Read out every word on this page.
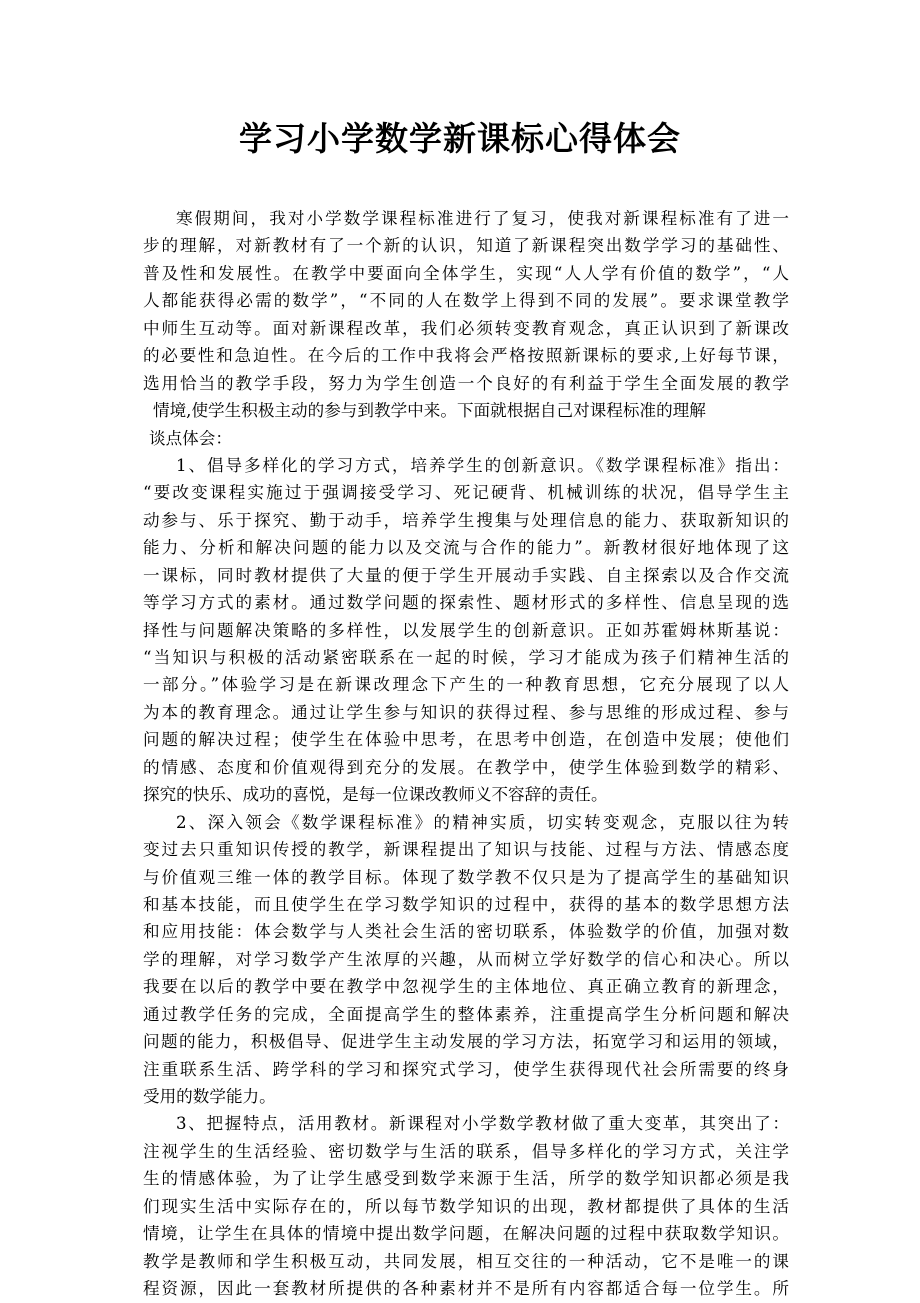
学习小学数学新课标心得体会
寒假期间，我对小学数学课程标准进行了复习，使我对新课程标准有了进一
步的理解，对新教材有了一个新的认识，知道了新课程突出数学学习的基础性、
普及性和发展性。在教学中要面向全体学生，实现“人人学有价值的数学”，“人
人都能获得必需的数学”，“不同的人在数学上得到不同的发展”。要求课堂教学
中师生互动等。面对新课程改革，我们必须转变教育观念，真正认识到了新课改
的必要性和急迫性。在今后的工作中我将会严格按照新课标的要求,上好每节课，
选用恰当的教学手段，努力为学生创造一个良好的有利益于学生全面发展的教学
情境,使学生积极主动的参与到教学中来。下面就根据自己对课程标准的理解
谈点体会：
1、倡导多样化的学习方式，培养学生的创新意识。《数学课程标准》指出：
“要改变课程实施过于强调接受学习、死记硬背、机械训练的状况，倡导学生主
动参与、乐于探究、勤于动手，培养学生搜集与处理信息的能力、获取新知识的
能力、分析和解决问题的能力以及交流与合作的能力”。新教材很好地体现了这
一课标，同时教材提供了大量的便于学生开展动手实践、自主探索以及合作交流
等学习方式的素材。通过数学问题的探索性、题材形式的多样性、信息呈现的选
择性与问题解决策略的多样性，以发展学生的创新意识。正如苏霍姆林斯基说：
“当知识与积极的活动紧密联系在一起的时候，学习才能成为孩子们精神生活的
一部分。”体验学习是在新课改理念下产生的一种教育思想，它充分展现了以人
为本的教育理念。通过让学生参与知识的获得过程、参与思维的形成过程、参与
问题的解决过程；使学生在体验中思考，在思考中创造，在创造中发展；使他们
的情感、态度和价值观得到充分的发展。在教学中，使学生体验到数学的精彩、
探究的快乐、成功的喜悦，是每一位课改教师义不容辞的责任。
2、深入领会《数学课程标准》的精神实质，切实转变观念，克服以往为转
变过去只重知识传授的教学，新课程提出了知识与技能、过程与方法、情感态度
与价值观三维一体的教学目标。体现了数学教不仅只是为了提高学生的基础知识
和基本技能，而且使学生在学习数学知识的过程中，获得的基本的数学思想方法
和应用技能：体会数学与人类社会生活的密切联系，体验数学的价值，加强对数
学的理解，对学习数学产生浓厚的兴趣，从而树立学好数学的信心和决心。所以
我要在以后的教学中要在教学中忽视学生的主体地位、真正确立教育的新理念，
通过教学任务的完成，全面提高学生的整体素养，注重提高学生分析问题和解决
问题的能力，积极倡导、促进学生主动发展的学习方法，拓宽学习和运用的领域，
注重联系生活、跨学科的学习和探究式学习，使学生获得现代社会所需要的终身
受用的数学能力。
3、把握特点，活用教材。新课程对小学数学教材做了重大变革，其突出了：
注视学生的生活经验、密切数学与生活的联系，倡导多样化的学习方式，关注学
生的情感体验，为了让学生感受到数学来源于生活，所学的数学知识都必须是我
们现实生活中实际存在的，所以每节数学知识的出现，教材都提供了具体的生活
情境，让学生在具体的情境中提出数学问题，在解决问题的过程中获取数学知识。
教学是教师和学生积极互动，共同发展，相互交往的一种活动，它不是唯一的课
程资源，因此一套教材所提供的各种素材并不是所有内容都适合每一位学生。所
